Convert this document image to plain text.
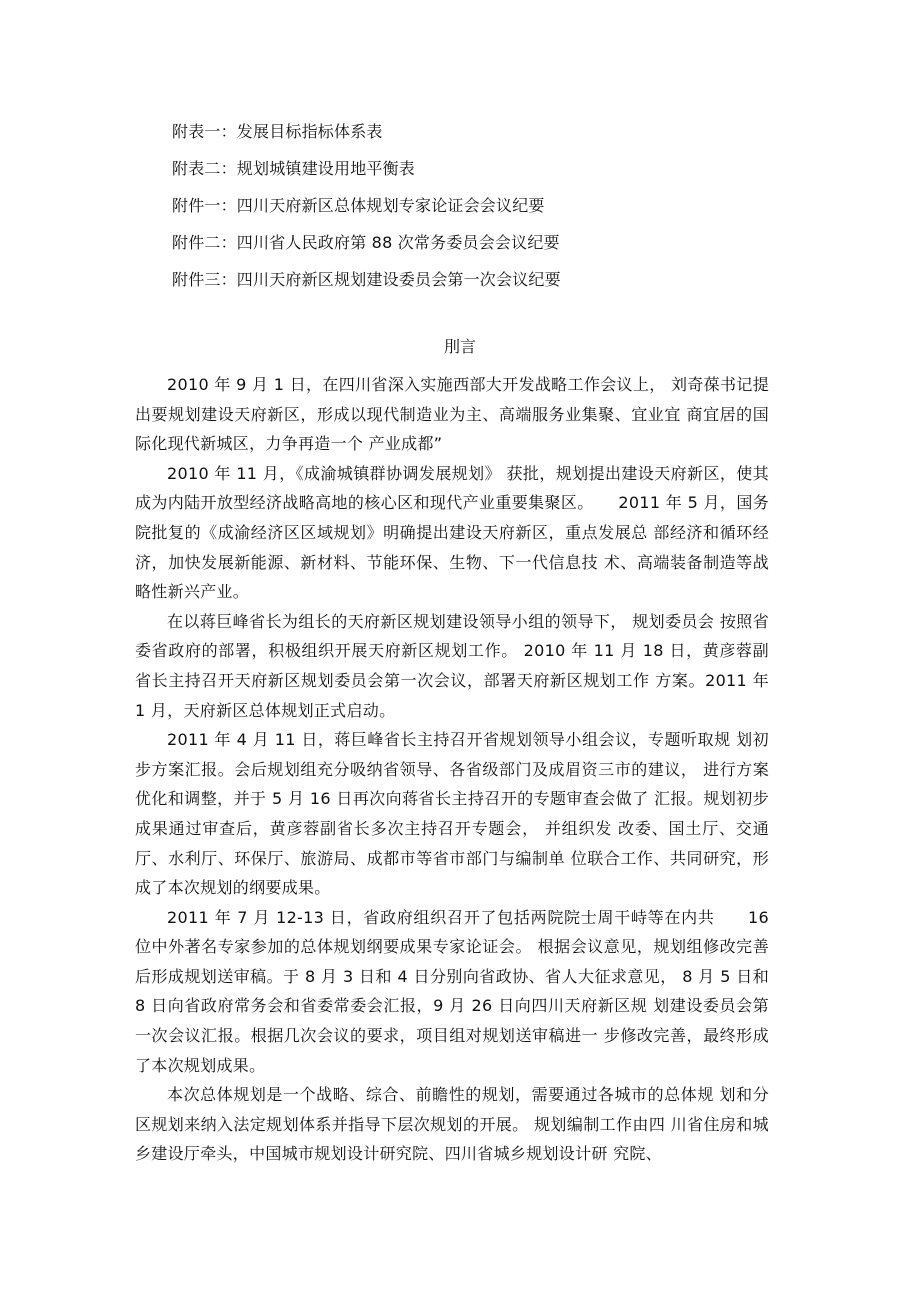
附表一：发展目标指标体系表
附表二：规划城镇建设用地平衡表
附件一：四川天府新区总体规划专家论证会会议纪要
附件二：四川省人民政府第 88 次常务委员会会议纪要
附件三：四川天府新区规划建设委员会第一次会议纪要
刖言

2010 年 9 月 1 日，在四川省深入实施西部大开发战略工作会议上， 刘奇葆书记提出要规划建设天府新区，形成以现代制造业为主、高端服务业集聚、宜业宜 商宜居的国际化现代新城区，力争再造一个 产业成都”

2010 年 11 月，《成渝城镇群协调发展规划》 获批，规划提出建设天府新区，使其成为内陆开放型经济战略高地的核心区和现代产业重要集聚区。　　2011 年 5 月，国务院批复的《成渝经济区区域规划》明确提出建设天府新区，重点发展总 部经济和循环经济，加快发展新能源、新材料、节能环保、生物、下一代信息技 术、高端装备制造等战略性新兴产业。

在以蒋巨峰省长为组长的天府新区规划建设领导小组的领导下， 规划委员会 按照省委省政府的部署，积极组织开展天府新区规划工作。 2010 年 11 月 18 日，黄彦蓉副省长主持召开天府新区规划委员会第一次会议，部署天府新区规划工作 方案。2011 年 1 月，天府新区总体规划正式启动。

2011 年 4 月 11 日，蒋巨峰省长主持召开省规划领导小组会议，专题听取规 划初步方案汇报。会后规划组充分吸纳省领导、各省级部门及成眉资三市的建议， 进行方案优化和调整，并于 5 月 16 日再次向蒋省长主持召开的专题审查会做了 汇报。规划初步成果通过审查后，黄彦蓉副省长多次主持召开专题会， 并组织发 改委、国土厅、交通厅、水利厅、环保厅、旅游局、成都市等省市部门与编制单 位联合工作、共同研究，形成了本次规划的纲要成果。

2011 年 7 月 12-13 日，省政府组织召开了包括两院院士周干峙等在内共　　16 位中外著名专家参加的总体规划纲要成果专家论证会。 根据会议意见，规划组修改完善后形成规划送审稿。于 8 月 3 日和 4 日分别向省政协、省人大征求意见， 8 月 5 日和 8 日向省政府常务会和省委常委会汇报，9 月 26 日向四川天府新区规 划建设委员会第一次会议汇报。根据几次会议的要求，项目组对规划送审稿进一 步修改完善，最终形成了本次规划成果。

本次总体规划是一个战略、综合、前瞻性的规划，需要通过各城市的总体规 划和分区规划来纳入法定规划体系并指导下层次规划的开展。 规划编制工作由四 川省住房和城乡建设厅牵头，中国城市规划设计研究院、四川省城乡规划设计研 究院、
